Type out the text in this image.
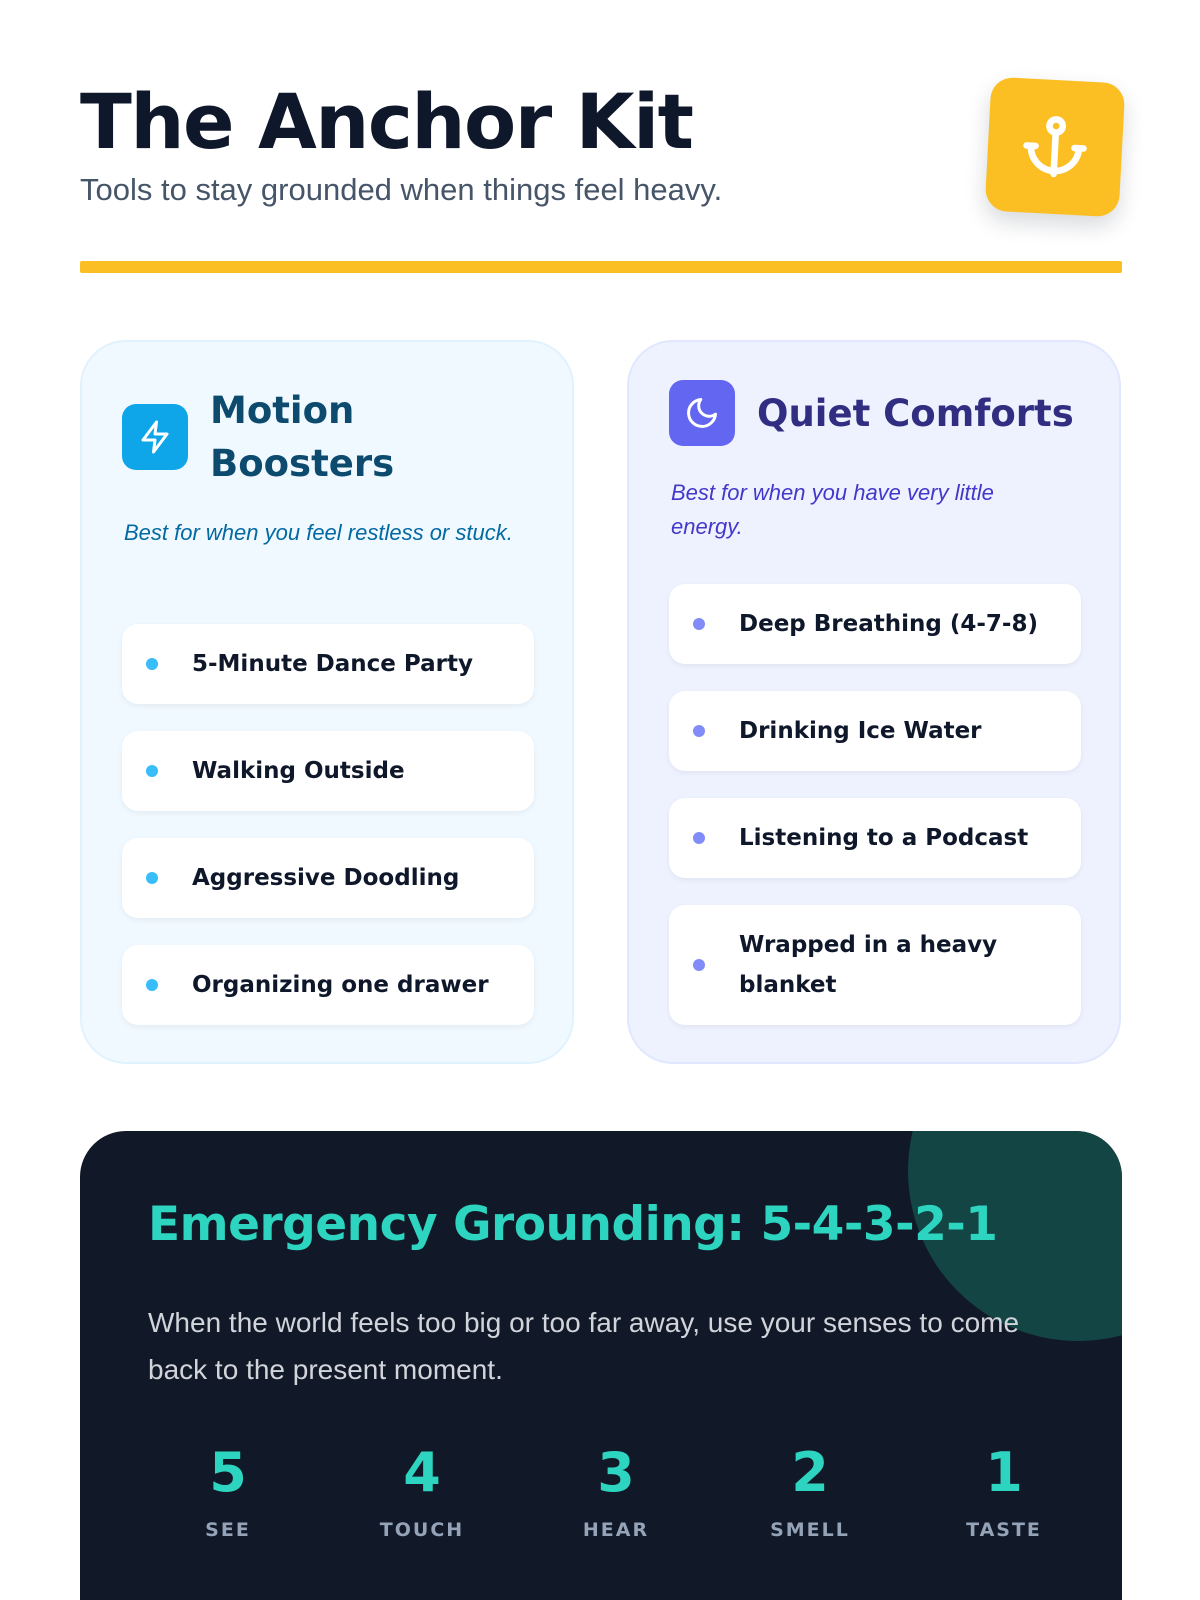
The Anchor Kit

Tools to stay grounded when things feel heavy.

Motion Boosters

Best for when you feel restless or stuck.

5-Minute Dance Party
Walking Outside
Aggressive Doodling
Organizing one drawer
Quiet Comforts

Best for when you have very little energy.

Deep Breathing (4-7-8)
Drinking Ice Water
Listening to a Podcast
Wrapped in a heavy blanket
Emergency Grounding: 5-4-3-2-1

When the world feels too big or too far away, use your senses to come back to the present moment.

5
SEE
4
TOUCH
3
HEAR
2
SMELL
1
TASTE
